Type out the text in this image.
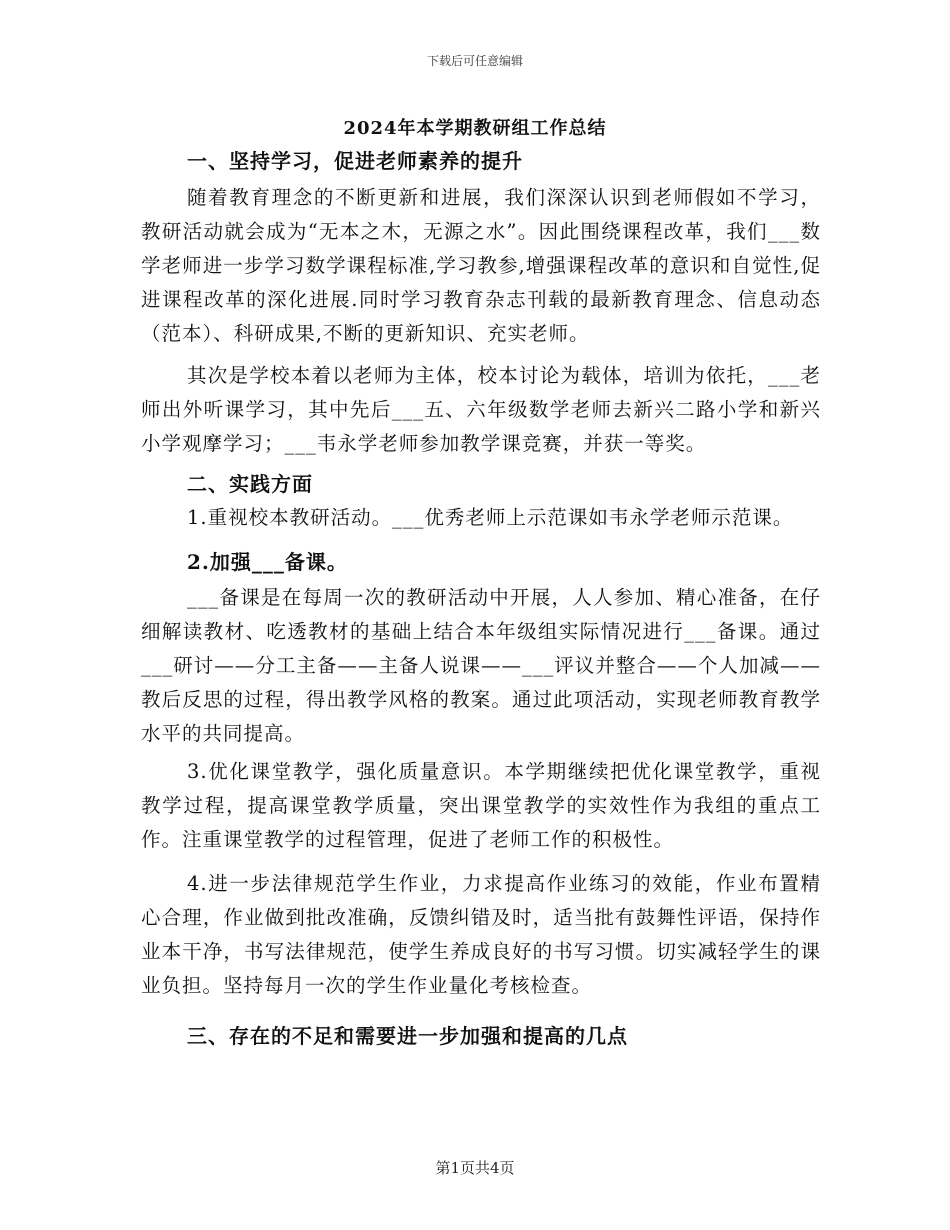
下载后可任意编辑
2024年本学期教研组工作总结

一、坚持学习，促进老师素养的提升

随着教育理念的不断更新和进展，我们深深认识到老师假如不学习，教研活动就会成为“无本之木，无源之水”。因此围绕课程改革，我们___数学老师进一步学习数学课程标准,学习教参,增强课程改革的意识和自觉性,促进课程改革的深化进展.同时学习教育杂志刊载的最新教育理念、信息动态（范本）、科研成果,不断的更新知识、充实老师。

其次是学校本着以老师为主体，校本讨论为载体，培训为依托，___老师出外听课学习，其中先后___五、六年级数学老师去新兴二路小学和新兴小学观摩学习；___韦永学老师参加教学课竞赛，并获一等奖。

二、实践方面

1.重视校本教研活动。___优秀老师上示范课如韦永学老师示范课。

2.加强___备课。

___备课是在每周一次的教研活动中开展，人人参加、精心准备，在仔细解读教材、吃透教材的基础上结合本年级组实际情况进行___备课。通过___研讨——分工主备——主备人说课——___评议并整合——个人加减——教后反思的过程，得出教学风格的教案。通过此项活动，实现老师教育教学水平的共同提高。

3.优化课堂教学，强化质量意识。本学期继续把优化课堂教学，重视教学过程，提高课堂教学质量，突出课堂教学的实效性作为我组的重点工作。注重课堂教学的过程管理，促进了老师工作的积极性。

4.进一步法律规范学生作业，力求提高作业练习的效能，作业布置精心合理，作业做到批改准确，反馈纠错及时，适当批有鼓舞性评语，保持作业本干净，书写法律规范，使学生养成良好的书写习惯。切实减轻学生的课业负担。坚持每月一次的学生作业量化考核检查。

三、存在的不足和需要进一步加强和提高的几点

第1页共4页
